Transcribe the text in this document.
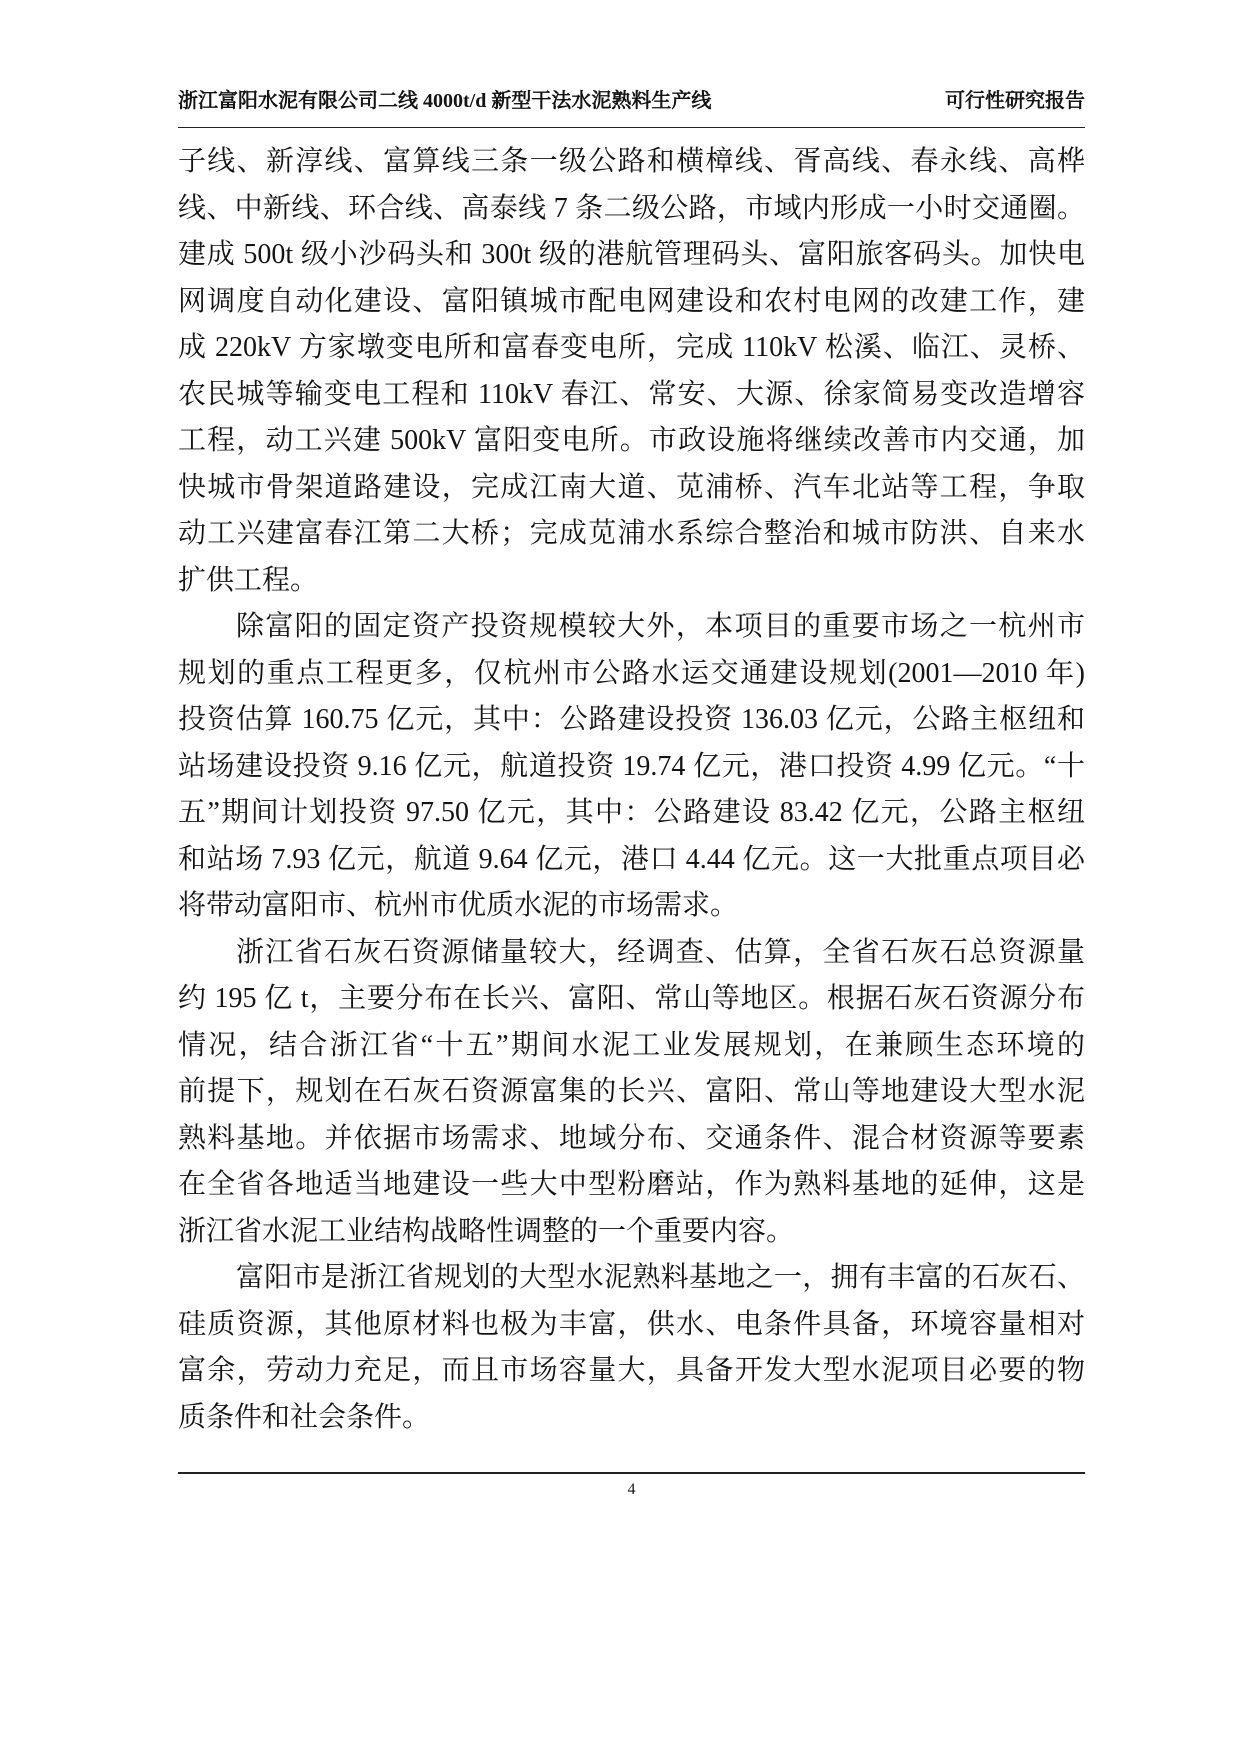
浙江富阳水泥有限公司二线 4000t/d 新型干法水泥熟料生产线	可行性研究报告
子线、新淳线、富算线三条一级公路和横樟线、胥高线、春永线、高桦
线、中新线、环合线、高泰线 7 条二级公路，市域内形成一小时交通圈。
建成 500t 级小沙码头和 300t 级的港航管理码头、富阳旅客码头。加快电
网调度自动化建设、富阳镇城市配电网建设和农村电网的改建工作，建
成 220kV 方家墩变电所和富春变电所，完成 110kV 松溪、临江、灵桥、
农民城等输变电工程和 110kV 春江、常安、大源、徐家简易变改造增容
工程，动工兴建 500kV 富阳变电所。市政设施将继续改善市内交通，加
快城市骨架道路建设，完成江南大道、苋浦桥、汽车北站等工程，争取
动工兴建富春江第二大桥；完成苋浦水系综合整治和城市防洪、自来水
扩供工程。
除富阳的固定资产投资规模较大外，本项目的重要市场之一杭州市
规划的重点工程更多，仅杭州市公路水运交通建设规划(2001—2010 年)
投资估算 160.75 亿元，其中：公路建设投资 136.03 亿元，公路主枢纽和
站场建设投资 9.16 亿元，航道投资 19.74 亿元，港口投资 4.99 亿元。“十
五”期间计划投资 97.50 亿元，其中：公路建设 83.42 亿元，公路主枢纽
和站场 7.93 亿元，航道 9.64 亿元，港口 4.44 亿元。这一大批重点项目必
将带动富阳市、杭州市优质水泥的市场需求。
浙江省石灰石资源储量较大，经调查、估算，全省石灰石总资源量
约 195 亿 t，主要分布在长兴、富阳、常山等地区。根据石灰石资源分布
情况，结合浙江省“十五”期间水泥工业发展规划，在兼顾生态环境的
前提下，规划在石灰石资源富集的长兴、富阳、常山等地建设大型水泥
熟料基地。并依据市场需求、地域分布、交通条件、混合材资源等要素
在全省各地适当地建设一些大中型粉磨站，作为熟料基地的延伸，这是
浙江省水泥工业结构战略性调整的一个重要内容。
富阳市是浙江省规划的大型水泥熟料基地之一，拥有丰富的石灰石、
硅质资源，其他原材料也极为丰富，供水、电条件具备，环境容量相对
富余，劳动力充足，而且市场容量大，具备开发大型水泥项目必要的物
质条件和社会条件。
4
